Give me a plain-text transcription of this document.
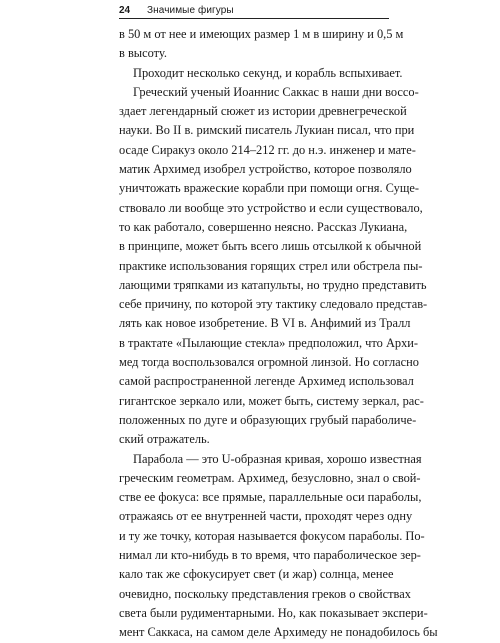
24 Значимые фигуры
в 50 м от нее и имеющих размер 1 м в ширину и 0,5 м
в высоту.
Проходит несколько секунд, и корабль вспыхивает.
Греческий ученый Иоаннис Саккас в наши дни воссо-
здает легендарный сюжет из истории древнегреческой
науки. Во II в. римский писатель Лукиан писал, что при
осаде Сиракуз около 214–212 гг. до н.э. инженер и мате-
матик Архимед изобрел устройство, которое позволяло
уничтожать вражеские корабли при помощи огня. Суще-
ствовало ли вообще это устройство и если существовало,
то как работало, совершенно неясно. Рассказ Лукиана,
в принципе, может быть всего лишь отсылкой к обычной
практике использования горящих стрел или обстрела пы-
лающими тряпками из катапульты, но трудно представить
себе причину, по которой эту тактику следовало представ-
лять как новое изобретение. В VI в. Анфимий из Тралл
в трактате «Пылающие стекла» предположил, что Архи-
мед тогда воспользовался огромной линзой. Но согласно
самой распространенной легенде Архимед использовал
гигантское зеркало или, может быть, систему зеркал, рас-
положенных по дуге и образующих грубый параболиче-
ский отражатель.
Парабола — это U-образная кривая, хорошо известная
греческим геометрам. Архимед, безусловно, знал о свой-
стве ее фокуса: все прямые, параллельные оси параболы,
отражаясь от ее внутренней части, проходят через одну
и ту же точку, которая называется фокусом параболы. По-
нимал ли кто-нибудь в то время, что параболическое зер-
кало так же сфокусирует свет (и жар) солнца, менее
очевидно, поскольку представления греков о свойствах
света были рудиментарными. Но, как показывает экспери-
мент Саккаса, на самом деле Архимеду не понадобилось бы
